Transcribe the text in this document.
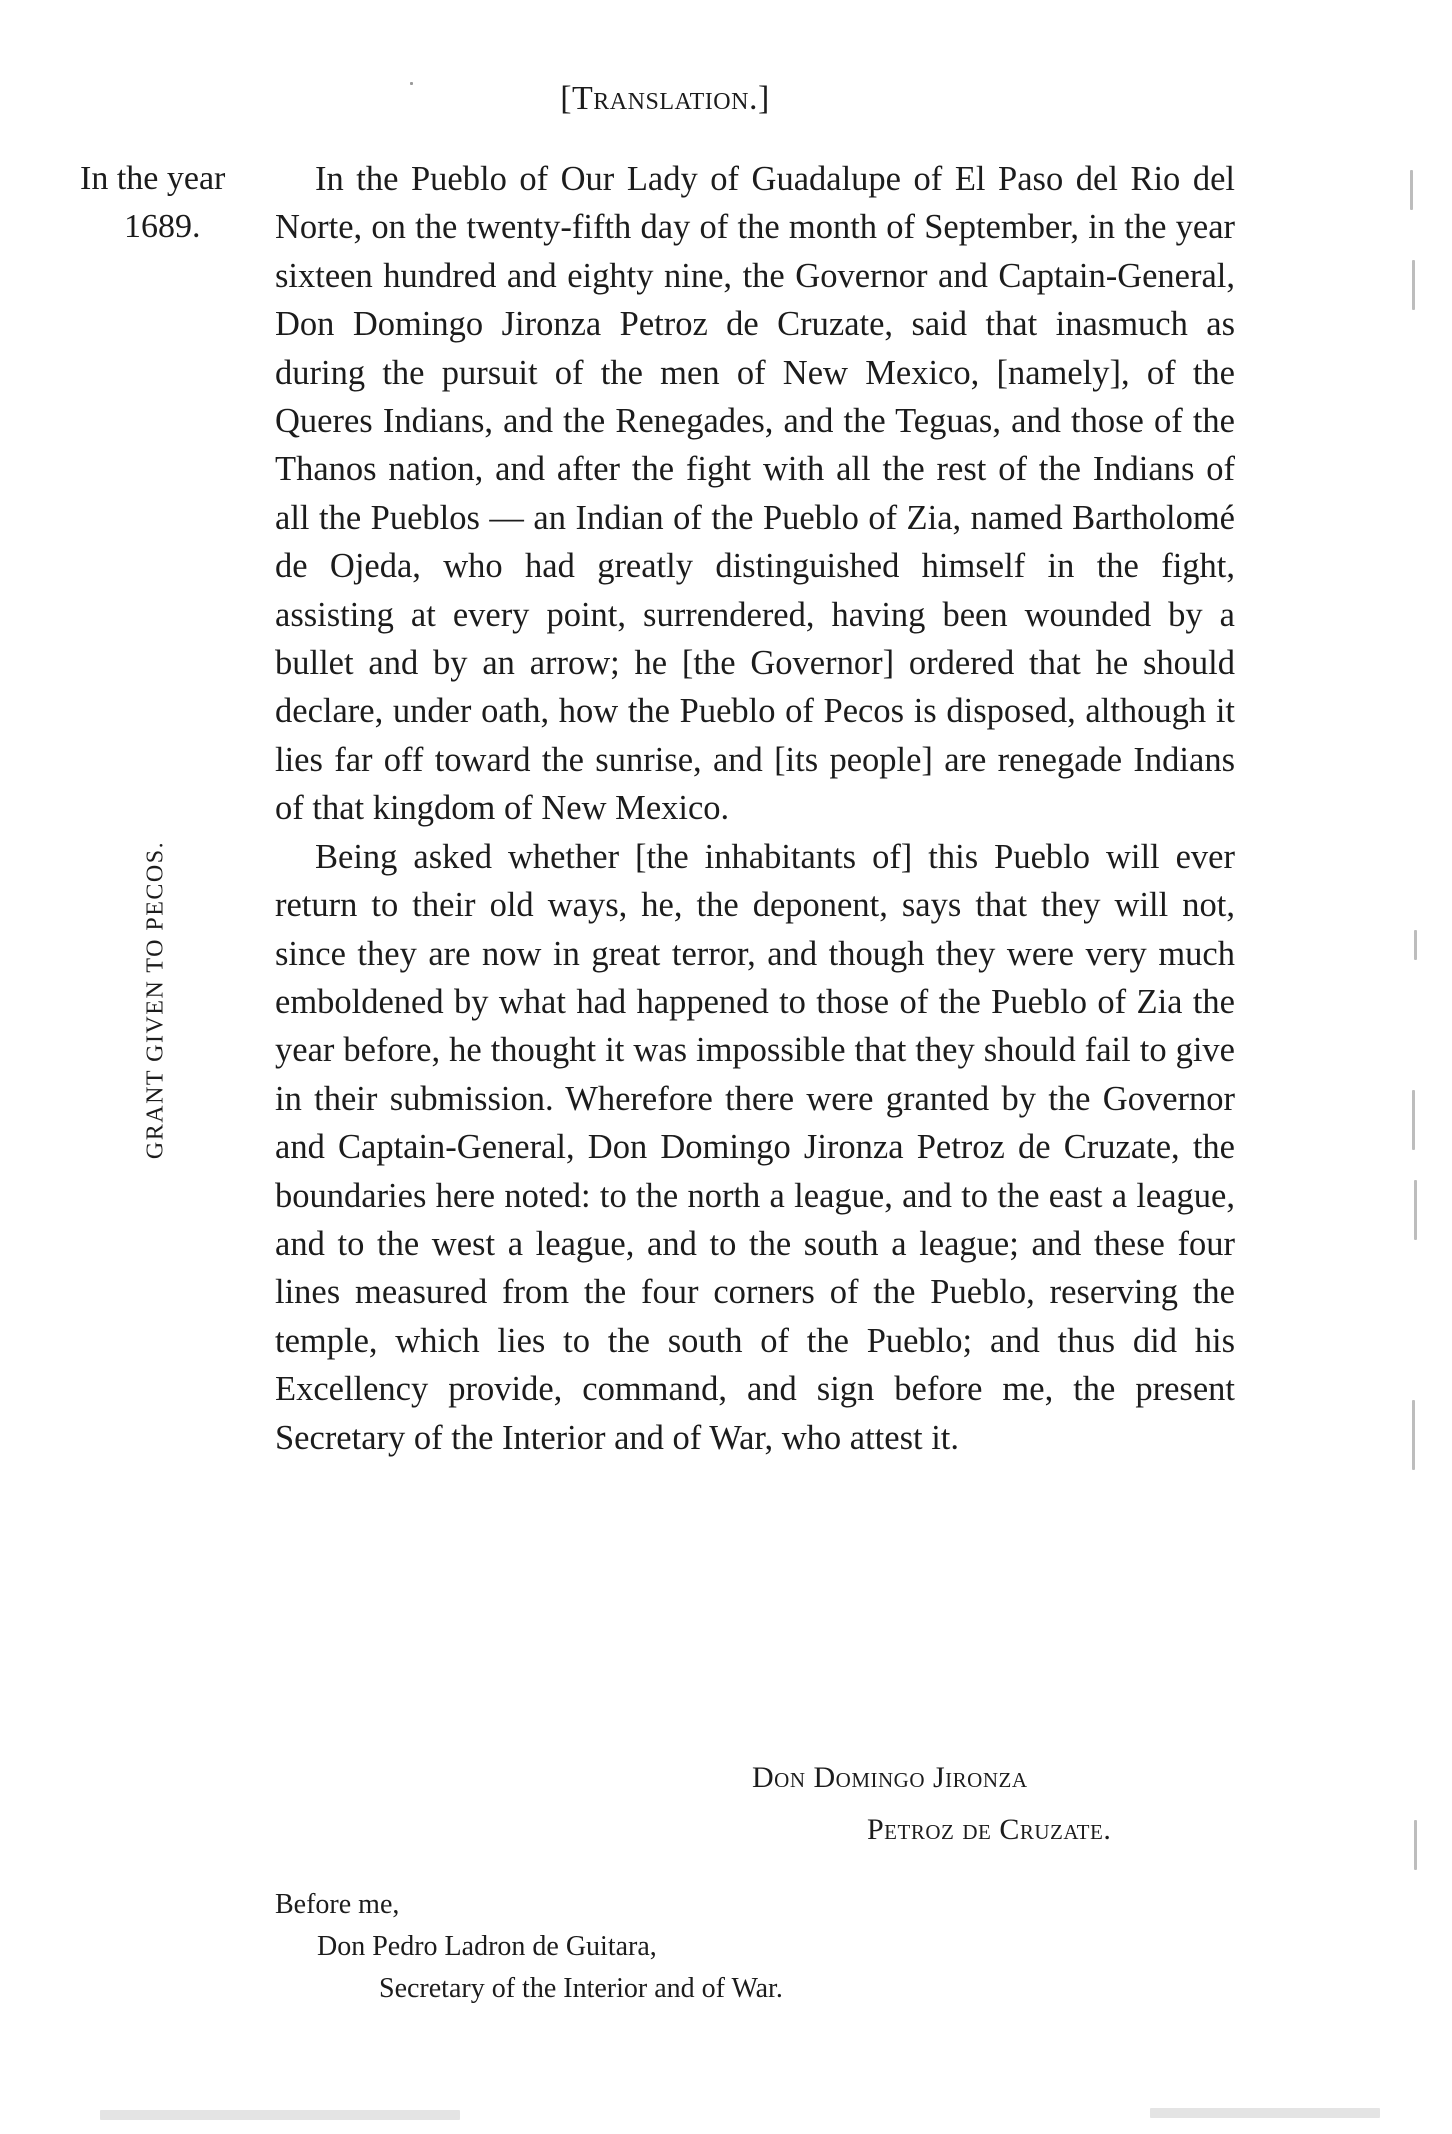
[Translation.]
In the year
1689.
GRANT GIVEN TO PECOS.

In the Pueblo of Our Lady of Guadalupe of El Paso del Rio del Norte, on the twenty-fifth day of the month of September, in the year sixteen hundred and eighty nine, the Governor and Captain-General, Don Domingo Jironza Petroz de Cruzate, said that inasmuch as during the pursuit of the men of New Mexico, [namely], of the Queres Indians, and the Renegades, and the Teguas, and those of the Thanos nation, and after the fight with all the rest of the Indians of all the Pueblos — an Indian of the Pueblo of Zia, named Bartholomé de Ojeda, who had greatly distinguished himself in the fight, assisting at every point, surrendered, having been wounded by a bullet and by an arrow; he [the Governor] ordered that he should declare, under oath, how the Pueblo of Pecos is disposed, although it lies far off toward the sunrise, and [its people] are renegade Indians of that kingdom of New Mexico.

Being asked whether [the inhabitants of] this Pueblo will ever return to their old ways, he, the deponent, says that they will not, since they are now in great terror, and though they were very much emboldened by what had happened to those of the Pueblo of Zia the year before, he thought it was impossible that they should fail to give in their submission. Wherefore there were granted by the Governor and Captain-General, Don Domingo Jironza Petroz de Cruzate, the boundaries here noted: to the north a league, and to the east a league, and to the west a league, and to the south a league; and these four lines measured from the four corners of the Pueblo, reserving the temple, which lies to the south of the Pueblo; and thus did his Excellency provide, command, and sign before me, the present Secretary of the Interior and of War, who attest it.

Don Domingo Jironza
Petroz de Cruzate.
Before me,
Don Pedro Ladron de Guitara,
Secretary of the Interior and of War.
